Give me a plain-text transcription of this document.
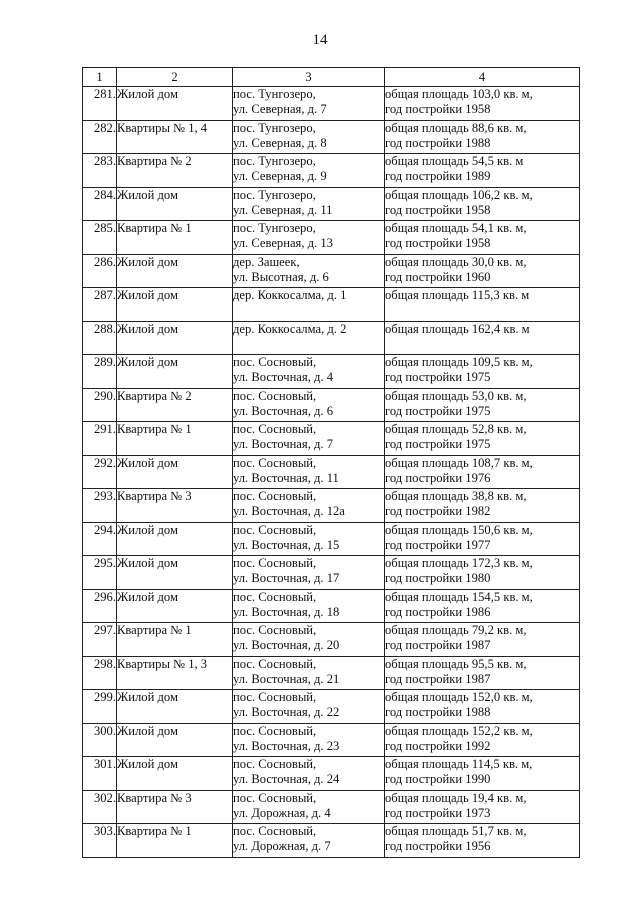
14
1	2	3	4
281.	Жилой дом	пос. Тунгозеро,
ул. Северная, д. 7	общая площадь 103,0 кв. м,
год постройки 1958

282.	Квартиры № 1, 4	пос. Тунгозеро,
ул. Северная, д. 8	общая площадь 88,6 кв. м,
год постройки 1988

283.	Квартира № 2	пос. Тунгозеро,
ул. Северная, д. 9	общая площадь 54,5 кв. м
год постройки 1989

284.	Жилой дом	пос. Тунгозеро,
ул. Северная, д. 11	общая площадь 106,2 кв. м,
год постройки 1958

285.	Квартира № 1	пос. Тунгозеро,
ул. Северная, д. 13	общая площадь 54,1 кв. м,
год постройки 1958

286.	Жилой дом	дер. Зашеек,
ул. Высотная, д. 6	общая площадь 30,0 кв. м,
год постройки 1960

287.	Жилой дом	дер. Коккосалма, д. 1	общая площадь 115,3 кв. м

288.	Жилой дом	дер. Коккосалма, д. 2	общая площадь 162,4 кв. м

289.	Жилой дом	пос. Сосновый,
ул. Восточная, д. 4	общая площадь 109,5 кв. м,
год постройки 1975

290.	Квартира № 2	пос. Сосновый,
ул. Восточная, д. 6	общая площадь 53,0 кв. м,
год постройки 1975

291.	Квартира № 1	пос. Сосновый,
ул. Восточная, д. 7	общая площадь 52,8 кв. м,
год постройки 1975

292.	Жилой дом	пос. Сосновый,
ул. Восточная, д. 11	общая площадь 108,7 кв. м,
год постройки 1976

293.	Квартира № 3	пос. Сосновый,
ул. Восточная, д. 12а	общая площадь 38,8 кв. м,
год постройки 1982

294.	Жилой дом	пос. Сосновый,
ул. Восточная, д. 15	общая площадь 150,6 кв. м,
год постройки 1977

295.	Жилой дом	пос. Сосновый,
ул. Восточная, д. 17	общая площадь 172,3 кв. м,
год постройки 1980

296.	Жилой дом	пос. Сосновый,
ул. Восточная, д. 18	общая площадь 154,5 кв. м,
год постройки 1986

297.	Квартира № 1	пос. Сосновый,
ул. Восточная, д. 20	общая площадь 79,2 кв. м,
год постройки 1987

298.	Квартиры № 1, 3	пос. Сосновый,
ул. Восточная, д. 21	общая площадь 95,5 кв. м,
год постройки 1987

299.	Жилой дом	пос. Сосновый,
ул. Восточная, д. 22	общая площадь 152,0 кв. м,
год постройки 1988

300.	Жилой дом	пос. Сосновый,
ул. Восточная, д. 23	общая площадь 152,2 кв. м,
год постройки 1992

301.	Жилой дом	пос. Сосновый,
ул. Восточная, д. 24	общая площадь 114,5 кв. м,
год постройки 1990

302.	Квартира № 3	пос. Сосновый,
ул. Дорожная, д. 4	общая площадь 19,4 кв. м,
год постройки 1973

303.	Квартира № 1	пос. Сосновый,
ул. Дорожная, д. 7	общая площадь 51,7 кв. м,
год постройки 1956
